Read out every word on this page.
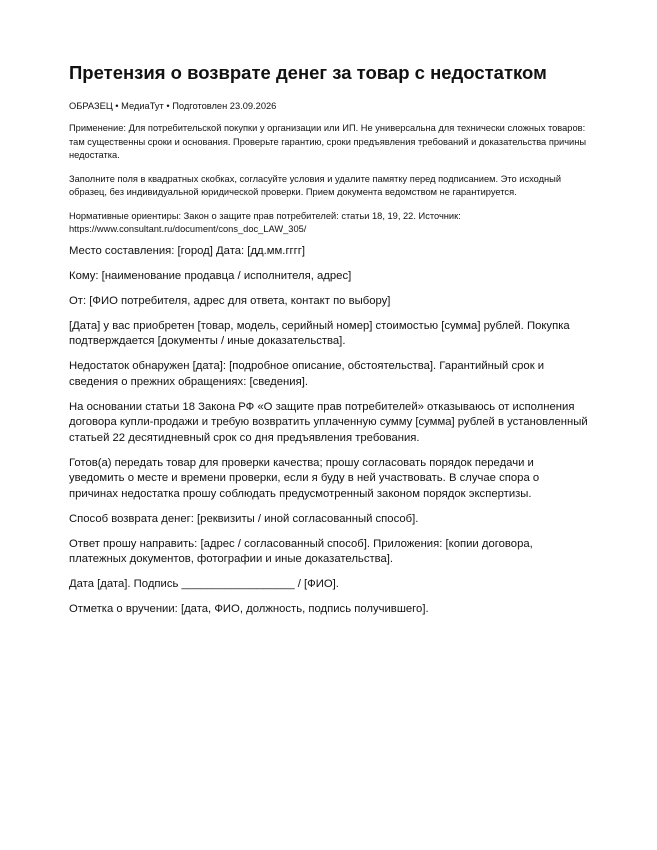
Претензия о возврате денег за товар с недостатком
ОБРАЗЕЦ • МедиаТут • Подготовлен 23.09.2026
Применение: Для потребительской покупки у организации или ИП. Не универсальна для технически сложных товаров: там существенны сроки и основания. Проверьте гарантию, сроки предъявления требований и доказательства причины недостатка.
Заполните поля в квадратных скобках, согласуйте условия и удалите памятку перед подписанием. Это исходный образец, без индивидуальной юридической проверки. Прием документа ведомством не гарантируется.
Нормативные ориентиры: Закон о защите прав потребителей: статьи 18, 19, 22. Источник: https://www.consultant.ru/document/cons_doc_LAW_305/

Место составления: [город] Дата: [дд.мм.гггг]

Кому: [наименование продавца / исполнителя, адрес]

От: [ФИО потребителя, адрес для ответа, контакт по выбору]

[Дата] у вас приобретен [товар, модель, серийный номер] стоимостью [сумма] рублей. Покупка подтверждается [документы / иные доказательства].

Недостаток обнаружен [дата]: [подробное описание, обстоятельства]. Гарантийный срок и сведения о прежних обращениях: [сведения].

На основании статьи 18 Закона РФ «О защите прав потребителей» отказываюсь от исполнения договора купли-продажи и требую возвратить уплаченную сумму [сумма] рублей в установленный статьей 22 десятидневный срок со дня предъявления требования.

Готов(а) передать товар для проверки качества; прошу согласовать порядок передачи и уведомить о месте и времени проверки, если я буду в ней участвовать. В случае спора о причинах недостатка прошу соблюдать предусмотренный законом порядок экспертизы.

Способ возврата денег: [реквизиты / иной согласованный способ].

Ответ прошу направить: [адрес / согласованный способ]. Приложения: [копии договора, платежных документов, фотографии и иные доказательства].

Дата [дата]. Подпись __________________ / [ФИО].

Отметка о вручении: [дата, ФИО, должность, подпись получившего].
